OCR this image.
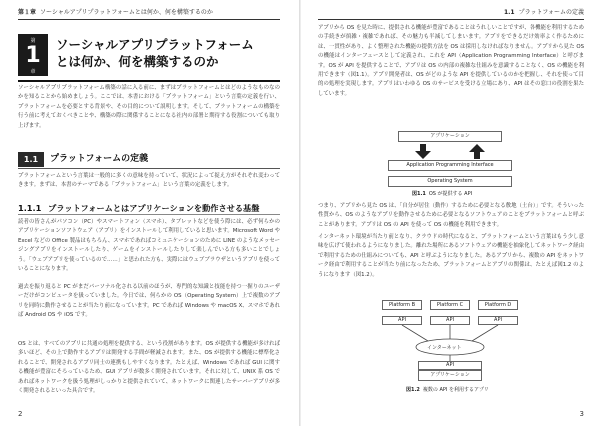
第１章 ソーシャルアプリプラットフォームとは何か、何を構築するのか
第
1
章
ソーシャルアプリプラットフォーム
とは何か、何を構築するのか

ソーシャルアプリプラットフォーム構築の話に入る前に、まずはプラットフォームとはどのようなものなのかを知ることから始めましょう。ここでは、本書における「プラットフォーム」という言葉の定義を行い、プラットフォームを必要とする背景や、その目的について説明します。そして、プラットフォームの構築を行う前に考えておくべきことや、構築の際に関係することになる社内の部署と期待する役割についても取り上げます。

1.1	プラットフォームの定義

プラットフォームという言葉は一般的に多くの意味を持っていて、状況によって捉え方がそれぞれ変わってきます。まずは、本書のテーマである「プラットフォーム」という言葉の定義をします。

1.1.1 プラットフォームとはアプリケーションを動作させる基盤

読者の皆さんがパソコン（PC）やスマートフォン（スマホ）、タブレットなどを使う際には、必ず何らかのアプリケーションソフトウェア（アプリ）をインストールして利用していると思います。Microsoft Word や Excel などの Office 製品はもちろん、スマホであればコミュニケーションのために LINE のようなメッセージングアプリをインストールしたり、ゲームをインストールしたりして楽しんでいる方も多いことでしょう。「ウェブアプリを使っているので……」と思われた方も、実際にはウェブブラウザというアプリを使っていることになります。

過去を振り返ると PC がまだパーソナル化される以前のほうが、専門的な知識と技能を持つ一握りのユーザーだけがコンピュータを扱っていました。今日では、何らかの OS（Operating System）上で複数のアプリを同時に動作させることが当たり前になっています。PC であれば Windows や macOS X、スマホであれば Android OS や iOS です。

OS とは、すべてのアプリに共通の処理を提供する、という役割があります。OS が提供する機能が多ければ多いほど、その上で動作するアプリは開発する手間が軽減されます。また、OS が提供する機能に標準化されることで、開発されるアプリ同士の連携もしやすくなります。たとえば、Windows であれば GUI に関する機能が豊富にそろっているため、GUI アプリが数多く開発されています。それに対して、UNIX 系 OS であればネットワークを扱う処理がしっかりと提供されていて、ネットワークに関連したサーバーアプリが多く開発されるといった具合です。

2
1.1 プラットフォームの定義

アプリから OS を見た時に、提供される機能が豊富であることはうれしいことですが、各機能を利用するための手続きが煩雑・複雑であれば、その魅力も半減してしまいます。アプリをできるだけ効率よく作るためには、一貫性があり、よく整理された機能の提供方法を OS は採用しなければなりません。アプリから見た OS の機能はインターフェースとして定義され、これを API（Application Programming Interface）と呼びます。OS が API を提供することで、アプリは OS の内部の複雑な仕組みを意識することなく、OS の機能を利用できます（図1.1）。アプリ開発者は、OS がどのような API を提供しているのかを把握し、それを使って目的の処理を実現します。アプリはいわゆる OS のサービスを受ける立場にあり、API はその窓口の役割を果たしています。

アプリケーション
Application Programming Interface
Operating System
図1.1 OS が提供する API

つまり、アプリから見た OS は、「自分が居住（動作）するために必要となる敷地（土台）」です。そういった性質から、OS のようなアプリを動作させるために必要となるソフトウェアのことをプラットフォームと呼ぶことがあります。アプリは OS の API を使って OS の機能を利用できます。

インターネット環境が当たり前となり、クラウドの時代になると、プラットフォームという言葉はもう少し意味を広げて使われるようになりました。離れた場所にあるソフトウェアの機能を抽象化してネットワーク経由で利用するための仕組みについても、API と呼ぶようになりました。あるアプリから、複数の API をネットワーク経由で利用することが当たり前になったため、プラットフォームとアプリの関係は、たとえば図1.2 のようになります（図1.2）。

Platform B	Platform C	Platform D
API	API	API
インターネット
API
アプリケーション
図1.2 複数の API を利用するアプリ
3
